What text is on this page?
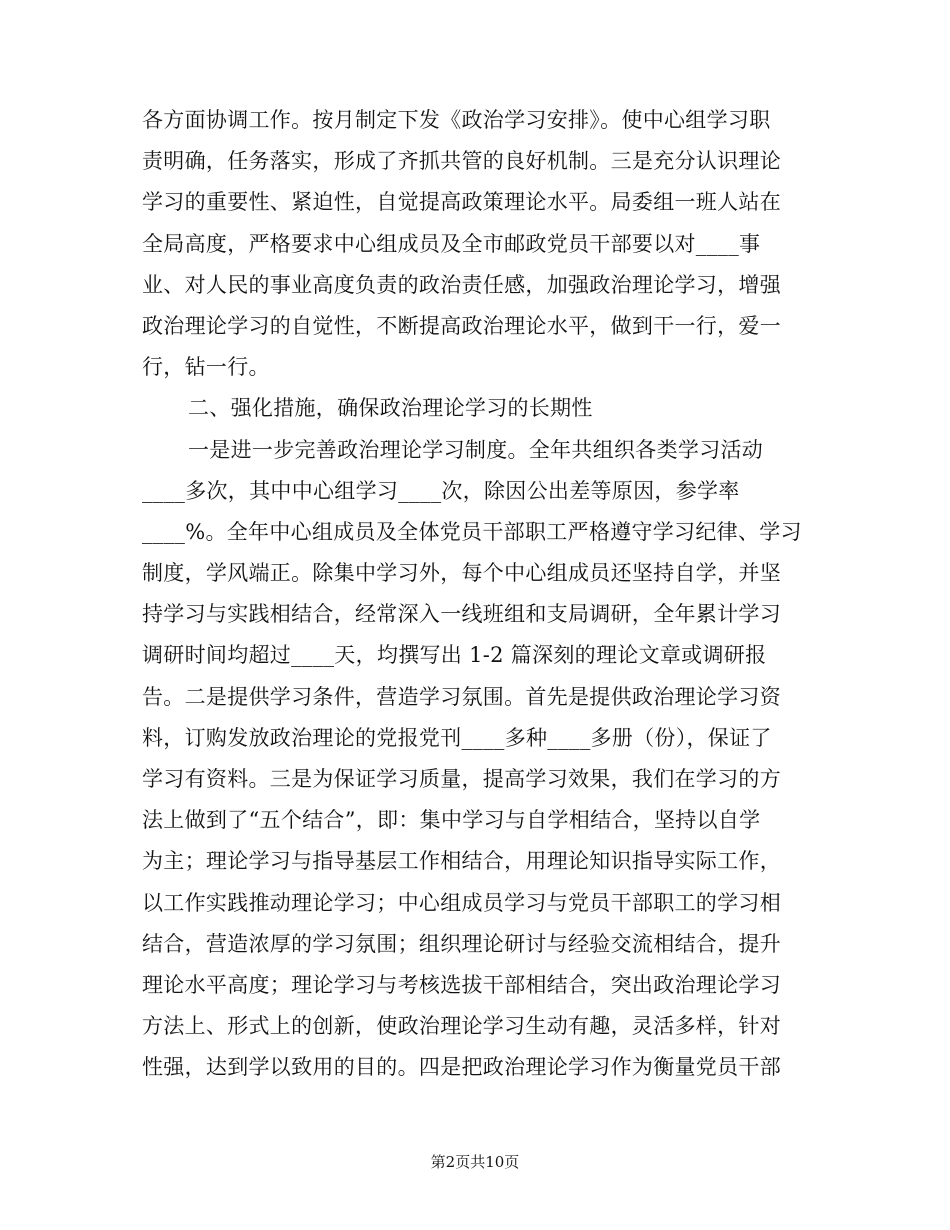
各方面协调工作。按月制定下发《政治学习安排》。使中心组学习职
责明确，任务落实，形成了齐抓共管的良好机制。三是充分认识理论
学习的重要性、紧迫性，自觉提高政策理论水平。局委组一班人站在
全局高度，严格要求中心组成员及全市邮政党员干部要以对____事
业、对人民的事业高度负责的政治责任感，加强政治理论学习，增强
政治理论学习的自觉性，不断提高政治理论水平，做到干一行，爱一
行，钻一行。
二、强化措施，确保政治理论学习的长期性
一是进一步完善政治理论学习制度。全年共组织各类学习活动
____多次，其中中心组学习____次，除因公出差等原因，参学率
____%。全年中心组成员及全体党员干部职工严格遵守学习纪律、学习
制度，学风端正。除集中学习外，每个中心组成员还坚持自学，并坚
持学习与实践相结合，经常深入一线班组和支局调研，全年累计学习
调研时间均超过____天，均撰写出 1-2 篇深刻的理论文章或调研报
告。二是提供学习条件，营造学习氛围。首先是提供政治理论学习资
料，订购发放政治理论的党报党刊____多种____多册（份），保证了
学习有资料。三是为保证学习质量，提高学习效果，我们在学习的方
法上做到了“五个结合”，即：集中学习与自学相结合，坚持以自学
为主；理论学习与指导基层工作相结合，用理论知识指导实际工作，
以工作实践推动理论学习；中心组成员学习与党员干部职工的学习相
结合，营造浓厚的学习氛围；组织理论研讨与经验交流相结合，提升
理论水平高度；理论学习与考核选拔干部相结合，突出政治理论学习
方法上、形式上的创新，使政治理论学习生动有趣，灵活多样，针对
性强，达到学以致用的目的。四是把政治理论学习作为衡量党员干部
第2页共10页
